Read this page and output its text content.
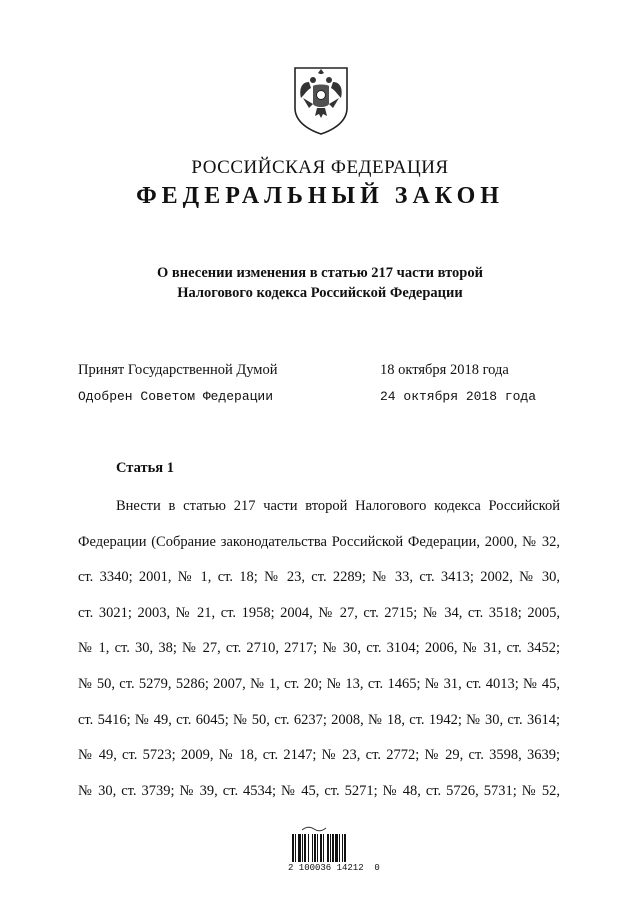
РОССИЙСКАЯ ФЕДЕРАЦИЯ
ФЕДЕРАЛЬНЫЙ ЗАКОН
О внесении изменения в статью 217 части второй
Налогового кодекса Российской Федерации
Принят Государственной Думой	18 октября 2018 года
Одобрен Советом Федерации	24 октября 2018 года
Статья 1
Внести в статью 217 части второй Налогового кодекса Российской
Федерации (Собрание законодательства Российской Федерации, 2000, № 32,
ст. 3340; 2001, № 1, ст. 18; № 23, ст. 2289; № 33, ст. 3413; 2002, № 30,
ст. 3021; 2003, № 21, ст. 1958; 2004, № 27, ст. 2715; № 34, ст. 3518; 2005,
№ 1, ст. 30, 38; № 27, ст. 2710, 2717; № 30, ст. 3104; 2006, № 31, ст. 3452;
№ 50, ст. 5279, 5286; 2007, № 1, ст. 20; № 13, ст. 1465; № 31, ст. 4013; № 45,
ст. 5416; № 49, ст. 6045; № 50, ст. 6237; 2008, № 18, ст. 1942; № 30, ст. 3614;
№ 49, ст. 5723; 2009, № 18, ст. 2147; № 23, ст. 2772; № 29, ст. 3598, 3639;
№ 30, ст. 3739; № 39, ст. 4534; № 45, ст. 5271; № 48, ст. 5726, 5731; № 52,
2 100036 14212  0
